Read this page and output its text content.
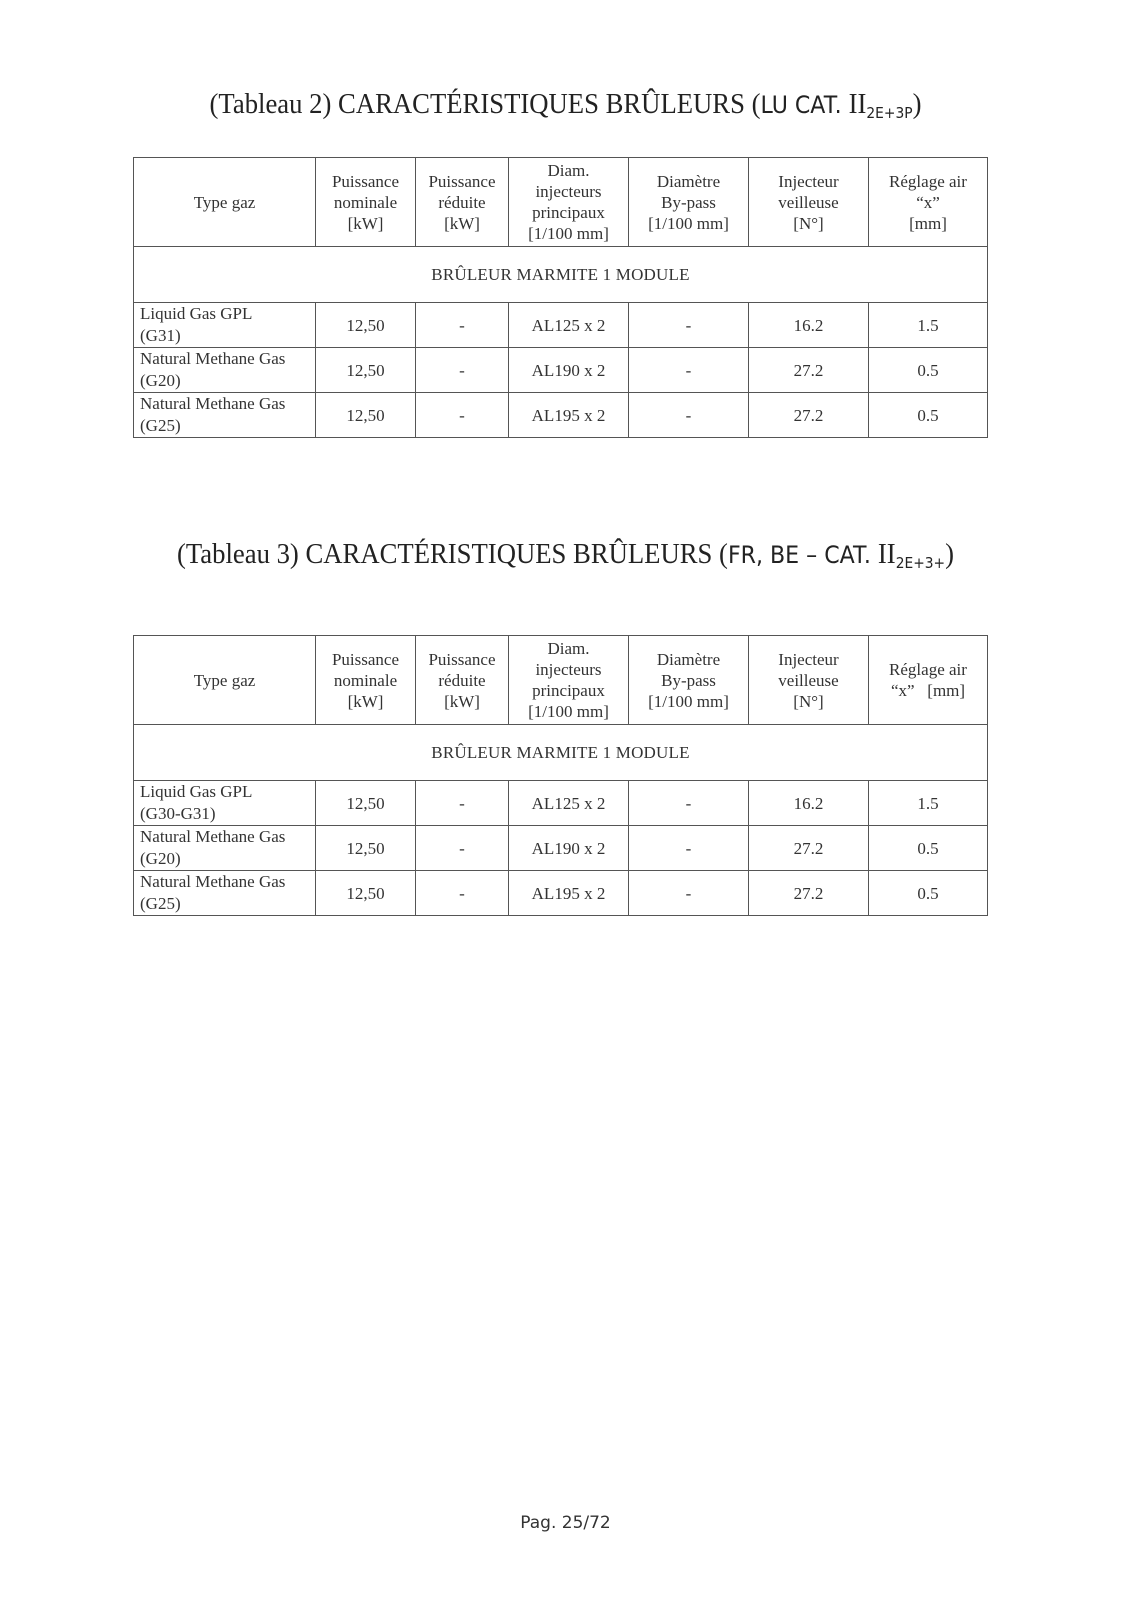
(Tableau 2) CARACTÉRISTIQUES BRÛLEURS (LU CAT. $II_{2E+3P}$)
Type gaz	Puissance
nominale
[kW]	Puissance
réduite
[kW]	Diam.
injecteurs
principaux
[1/100 mm]	Diamètre
By-pass
[1/100 mm]	Injecteur
veilleuse
[N°]	Réglage air
“x”
[mm]

BRÛLEUR MARMITE 1 MODULE						

Liquid Gas GPL
(G31)	12,50	-	AL125 x 2	-	16.2	1.5

Natural Methane Gas
(G20)	12,50	-	AL190 x 2	-	27.2	0.5

Natural Methane Gas
(G25)	12,50	-	AL195 x 2	-	27.2	0.5
(Tableau 3) CARACTÉRISTIQUES BRÛLEURS (FR, BE – CAT. $II_{2E+3+}$)
Type gaz	Puissance
nominale
[kW]	Puissance
réduite
[kW]	Diam.
injecteurs
principaux
[1/100 mm]	Diamètre
By-pass
[1/100 mm]	Injecteur
veilleuse
[N°]	Réglage air
“x”   [mm]

BRÛLEUR MARMITE 1 MODULE						

Liquid Gas GPL
(G30-G31)	12,50	-	AL125 x 2	-	16.2	1.5

Natural Methane Gas
(G20)	12,50	-	AL190 x 2	-	27.2	0.5

Natural Methane Gas
(G25)	12,50	-	AL195 x 2	-	27.2	0.5
Pag. 25/72
